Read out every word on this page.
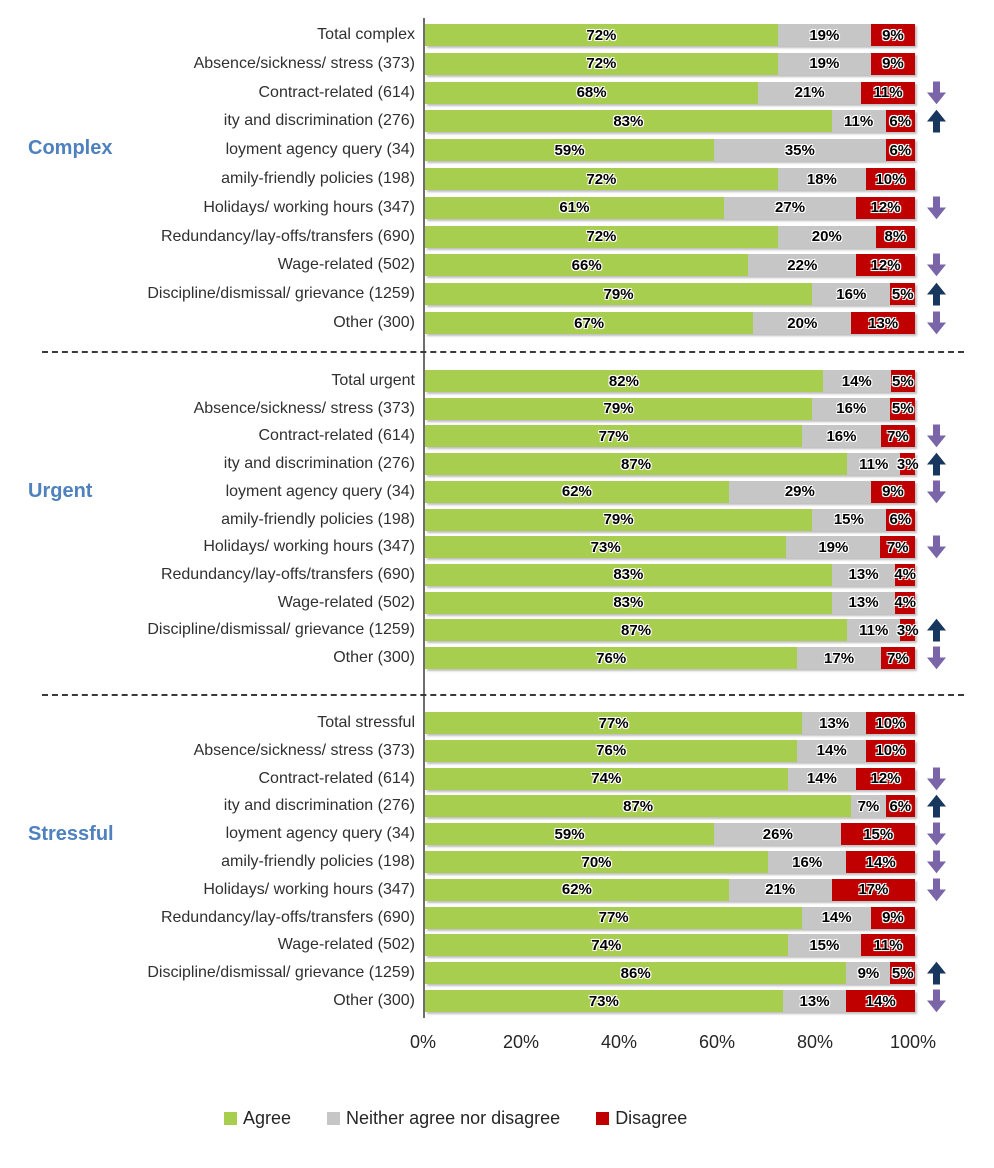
Total complex	72%	19%	9%
Absence/sickness/ stress (373)	72%	19%	9%
Contract-related (614)	68%	21%	11%
ity and discrimination (276)	83%	11% 6%
loyment agency query (34)	59%	35%	6%
amily-friendly policies (198)	72%	18%	10%
Holidays/ working hours (347)	61%	27%	12%
Redundancy/lay-offs/transfers (690)	72%	20%	8%
Wage-related (502)	66%	22%	12%
Discipline/dismissal/ grievance (1259)	79%	16% 5%
Other (300)	67%	20%	13%
Total urgent	82%	14% 5%
Absence/sickness/ stress (373)	79%	16% 5%
Contract-related (614)	77%	16% 7%
ity and discrimination (276)	87%	11% 3%
loyment agency query (34)	62%	29%	9%
amily-friendly policies (198)	79%	15% 6%
Holidays/ working hours (347)	73%	19%	7%
Redundancy/lay-offs/transfers (690)	83%	13% 4%
Wage-related (502)	83%	13% 4%
Discipline/dismissal/ grievance (1259)	87%	11% 3%
Other (300)	76%	17% 7%
Total stressful	77%	13% 10%
Absence/sickness/ stress (373)	76%	14% 10%
Contract-related (614)	74%	14% 12%
ity and discrimination (276)	87%	7% 6%
loyment agency query (34)	59%	26%	15%
amily-friendly policies (198)	70%	16%	14%
Holidays/ working hours (347)	62%	21%	17%
Redundancy/lay-offs/transfers (690)	77%	14% 9%
Wage-related (502)	74%	15% 11%
Discipline/dismissal/ grievance (1259)	86%	9% 5%
Other (300)	73%	13% 14%
Complex
Urgent
Stressful
0%	20%	40%	60%	80%	100%
Agree	Neither agree nor disagree	Disagree
